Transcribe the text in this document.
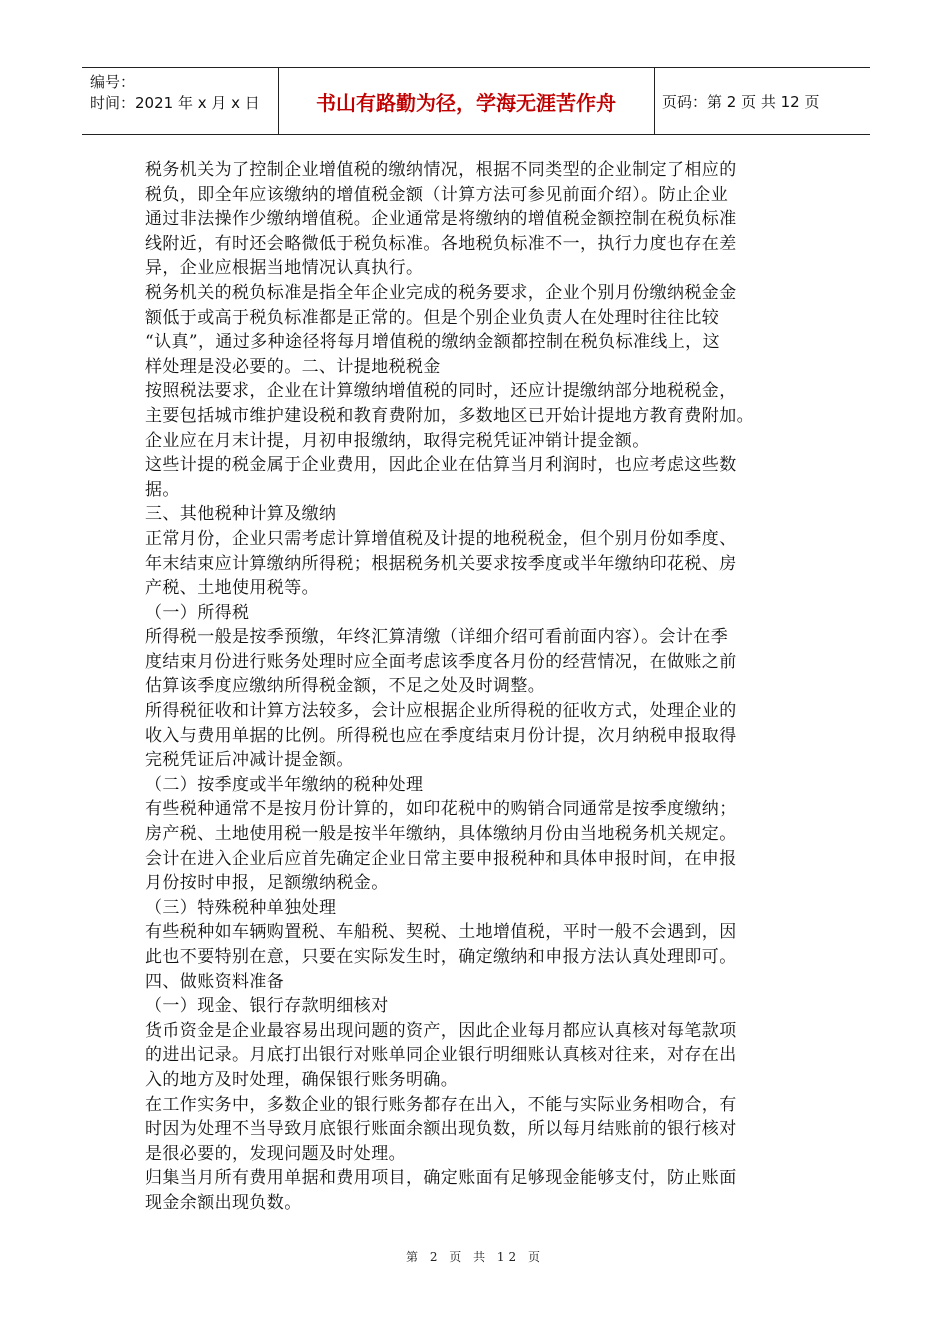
编号：
时间：2021 年 x 月 x 日	书山有路勤为径，学海无涯苦作舟	页码：第 2 页 共 12 页
税务机关为了控制企业增值税的缴纳情况，根据不同类型的企业制定了相应的
税负，即全年应该缴纳的增值税金额（计算方法可参见前面介绍）。防止企业
通过非法操作少缴纳增值税。企业通常是将缴纳的增值税金额控制在税负标准
线附近，有时还会略微低于税负标准。各地税负标准不一，执行力度也存在差
异，企业应根据当地情况认真执行。
税务机关的税负标准是指全年企业完成的税务要求，企业个别月份缴纳税金金
额低于或高于税负标准都是正常的。但是个别企业负责人在处理时往往比较
“认真”，通过多种途径将每月增值税的缴纳金额都控制在税负标准线上，这
样处理是没必要的。二、计提地税税金
按照税法要求，企业在计算缴纳增值税的同时，还应计提缴纳部分地税税金，
主要包括城市维护建设税和教育费附加，多数地区已开始计提地方教育费附加。
企业应在月末计提，月初申报缴纳，取得完税凭证冲销计提金额。
这些计提的税金属于企业费用，因此企业在估算当月利润时，也应考虑这些数
据。
三、其他税种计算及缴纳
正常月份，企业只需考虑计算增值税及计提的地税税金，但个别月份如季度、
年末结束应计算缴纳所得税；根据税务机关要求按季度或半年缴纳印花税、房
产税、土地使用税等。
（一）所得税
所得税一般是按季预缴，年终汇算清缴（详细介绍可看前面内容）。会计在季
度结束月份进行账务处理时应全面考虑该季度各月份的经营情况，在做账之前
估算该季度应缴纳所得税金额，不足之处及时调整。
所得税征收和计算方法较多，会计应根据企业所得税的征收方式，处理企业的
收入与费用单据的比例。所得税也应在季度结束月份计提，次月纳税申报取得
完税凭证后冲减计提金额。
（二）按季度或半年缴纳的税种处理
有些税种通常不是按月份计算的，如印花税中的购销合同通常是按季度缴纳；
房产税、土地使用税一般是按半年缴纳，具体缴纳月份由当地税务机关规定。
会计在进入企业后应首先确定企业日常主要申报税种和具体申报时间，在申报
月份按时申报，足额缴纳税金。
（三）特殊税种单独处理
有些税种如车辆购置税、车船税、契税、土地增值税，平时一般不会遇到，因
此也不要特别在意，只要在实际发生时，确定缴纳和申报方法认真处理即可。
四、做账资料准备
（一）现金、银行存款明细核对
货币资金是企业最容易出现问题的资产，因此企业每月都应认真核对每笔款项
的进出记录。月底打出银行对账单同企业银行明细账认真核对往来，对存在出
入的地方及时处理，确保银行账务明确。
在工作实务中，多数企业的银行账务都存在出入，不能与实际业务相吻合，有
时因为处理不当导致月底银行账面余额出现负数，所以每月结账前的银行核对
是很必要的，发现问题及时处理。
归集当月所有费用单据和费用项目，确定账面有足够现金能够支付，防止账面
现金余额出现负数。
第 2 页 共 12 页
